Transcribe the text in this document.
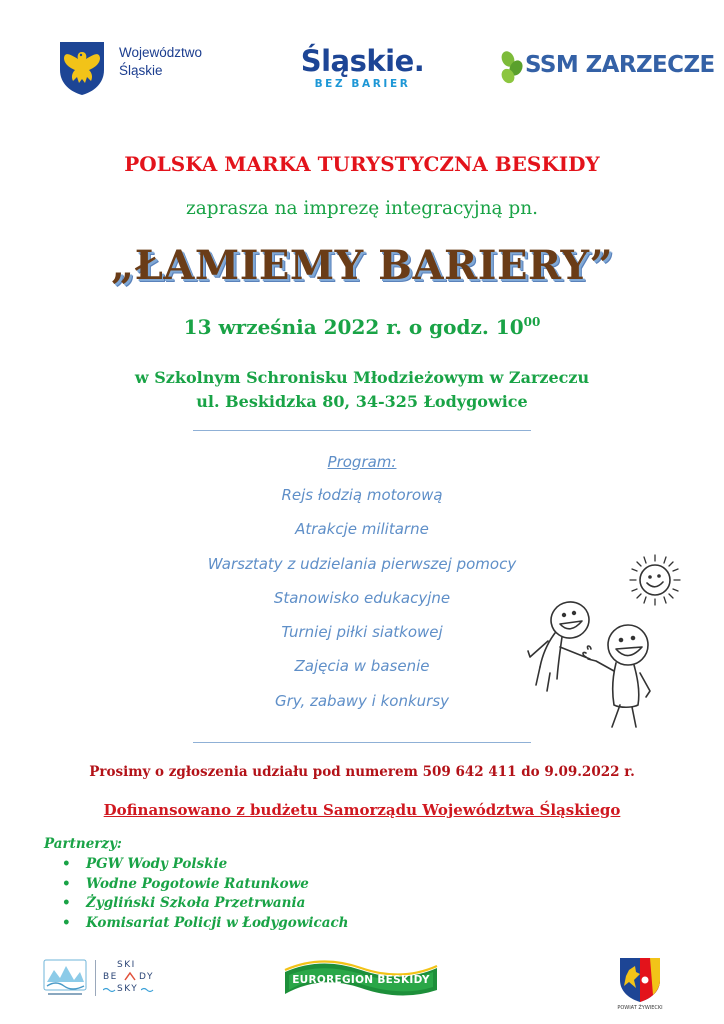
Województwo
Śląskie	Śląskie.
BEZ BARIER
SSM ZARZECZE
POLSKA MARKA TURYSTYCZNA BESKIDY
zaprasza na imprezę integracyjną pn.
„ŁAMIEMY BARIERY”
13 września 2022 r. o godz. $10^{00}$
w Szkolnym Schronisku Młodzieżowym w Zarzeczu
ul. Beskidzka 80, 34-325 Łodygowice
Program:
Rejs łodzią motorową
Atrakcje militarne
Warsztaty z udzielania pierwszej pomocy
Stanowisko edukacyjne
Turniej piłki siatkowej
Zajęcia w basenie
Gry, zabawy i konkursy
Prosimy o zgłoszenia udziału pod numerem 509 642 411 do 9.09.2022 r.
Dofinansowano z budżetu Samorządu Województwa Śląskiego
Partnerzy:
• PGW Wody Polskie
• Wodne Pogotowie Ratunkowe
• Żygliński Szkoła Przetrwania
• Komisariat Policji w Łodygowicach
SKI
BE DY
SKY
EUROREGION BESKIDY
POWIAT ŻYWIECKI
